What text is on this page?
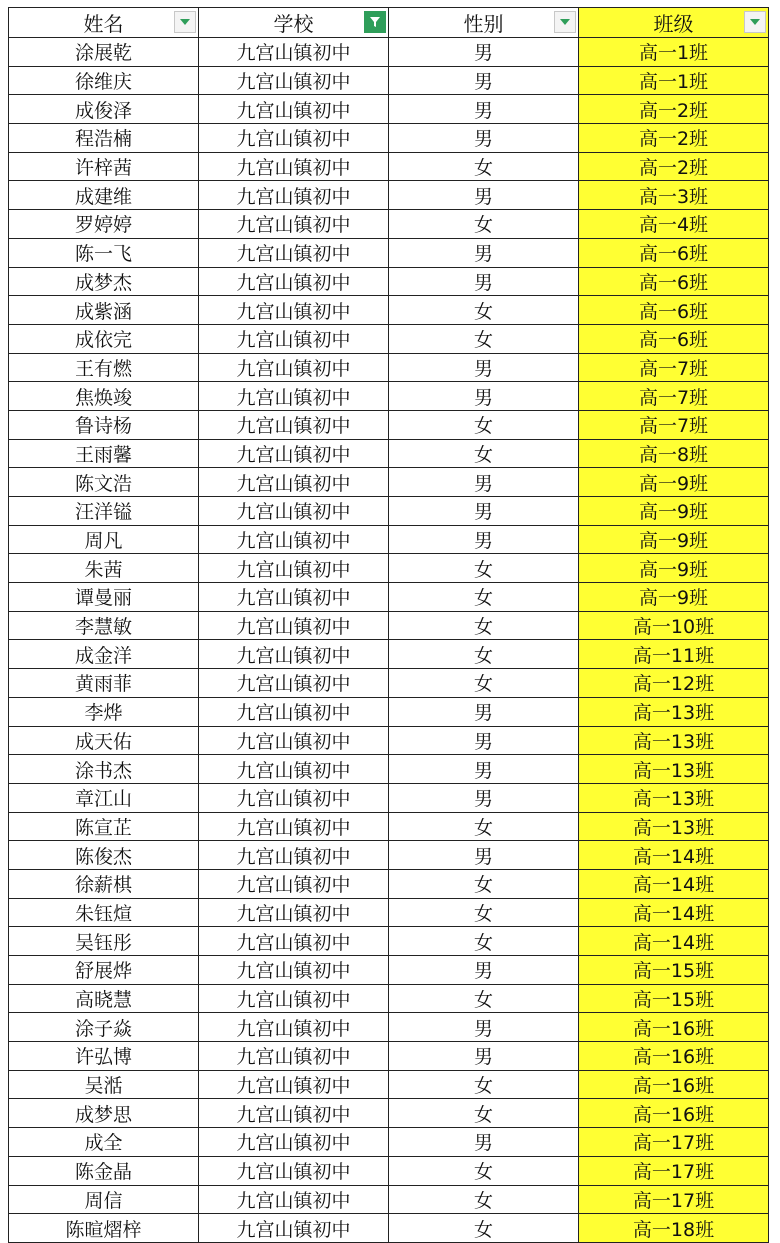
姓名	学校	性别	班级

涂展乾	九宫山镇初中	男	高一1班
徐维庆	九宫山镇初中	男	高一1班
成俊泽	九宫山镇初中	男	高一2班
程浩楠	九宫山镇初中	男	高一2班
许梓茜	九宫山镇初中	女	高一2班
成建维	九宫山镇初中	男	高一3班
罗婷婷	九宫山镇初中	女	高一4班
陈一飞	九宫山镇初中	男	高一6班
成梦杰	九宫山镇初中	男	高一6班
成紫涵	九宫山镇初中	女	高一6班
成依完	九宫山镇初中	女	高一6班
王有燃	九宫山镇初中	男	高一7班
焦焕竣	九宫山镇初中	男	高一7班
鲁诗杨	九宫山镇初中	女	高一7班
王雨馨	九宫山镇初中	女	高一8班
陈文浩	九宫山镇初中	男	高一9班
汪洋镒	九宫山镇初中	男	高一9班
周凡	九宫山镇初中	男	高一9班
朱茜	九宫山镇初中	女	高一9班
谭曼丽	九宫山镇初中	女	高一9班
李慧敏	九宫山镇初中	女	高一10班
成金洋	九宫山镇初中	女	高一11班
黄雨菲	九宫山镇初中	女	高一12班
李烨	九宫山镇初中	男	高一13班
成天佑	九宫山镇初中	男	高一13班
涂书杰	九宫山镇初中	男	高一13班
章江山	九宫山镇初中	男	高一13班
陈宣芷	九宫山镇初中	女	高一13班
陈俊杰	九宫山镇初中	男	高一14班
徐薪棋	九宫山镇初中	女	高一14班
朱钰煊	九宫山镇初中	女	高一14班
吴钰彤	九宫山镇初中	女	高一14班
舒展烨	九宫山镇初中	男	高一15班
高晓慧	九宫山镇初中	女	高一15班
涂子焱	九宫山镇初中	男	高一16班
许弘博	九宫山镇初中	男	高一16班
吴湉	九宫山镇初中	女	高一16班
成梦思	九宫山镇初中	女	高一16班
成全	九宫山镇初中	男	高一17班
陈金晶	九宫山镇初中	女	高一17班
周信	九宫山镇初中	女	高一17班
陈暄熠梓	九宫山镇初中	女	高一18班
